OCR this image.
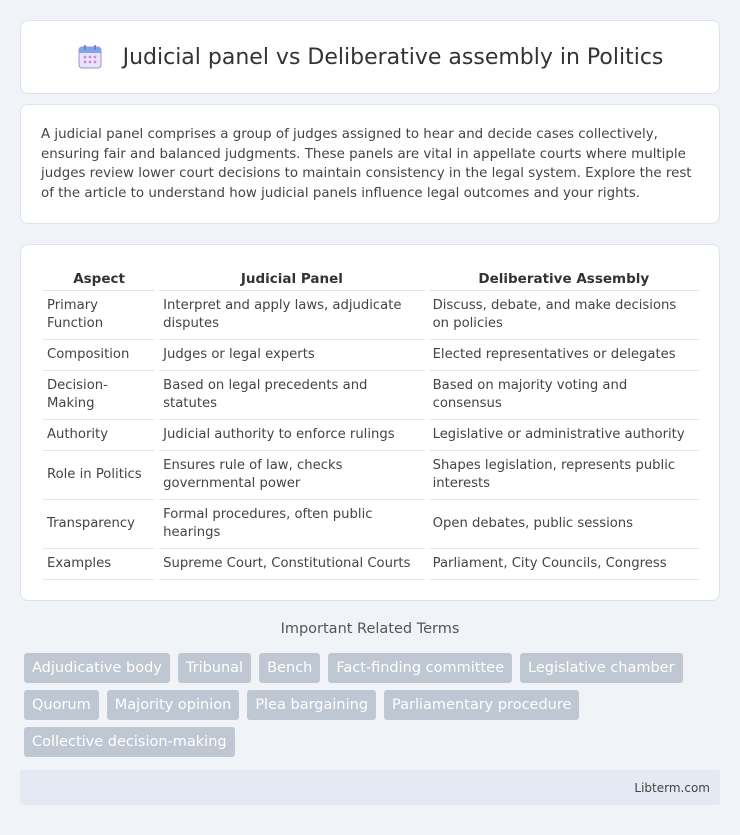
Judicial panel vs Deliberative assembly in Politics

A judicial panel comprises a group of judges assigned to hear and decide cases collectively, ensuring fair and balanced judgments. These panels are vital in appellate courts where multiple judges review lower court decisions to maintain consistency in the legal system. Explore the rest of the article to understand how judicial panels influence legal outcomes and your rights.

Aspect	Judicial Panel	Deliberative Assembly
Primary Function	Interpret and apply laws, adjudicate disputes	Discuss, debate, and make decisions on policies
Composition	Judges or legal experts	Elected representatives or delegates
Decision-Making	Based on legal precedents and statutes	Based on majority voting and consensus
Authority	Judicial authority to enforce rulings	Legislative or administrative authority
Role in Politics	Ensures rule of law, checks governmental power	Shapes legislation, represents public interests
Transparency	Formal procedures, often public hearings	Open debates, public sessions
Examples	Supreme Court, Constitutional Courts	Parliament, City Councils, Congress
Important Related Terms
Adjudicative body	Tribunal	Bench	Fact-finding committee	Legislative chamber
Quorum	Majority opinion	Plea bargaining	Parliamentary procedure
Collective decision-making
Libterm.com
